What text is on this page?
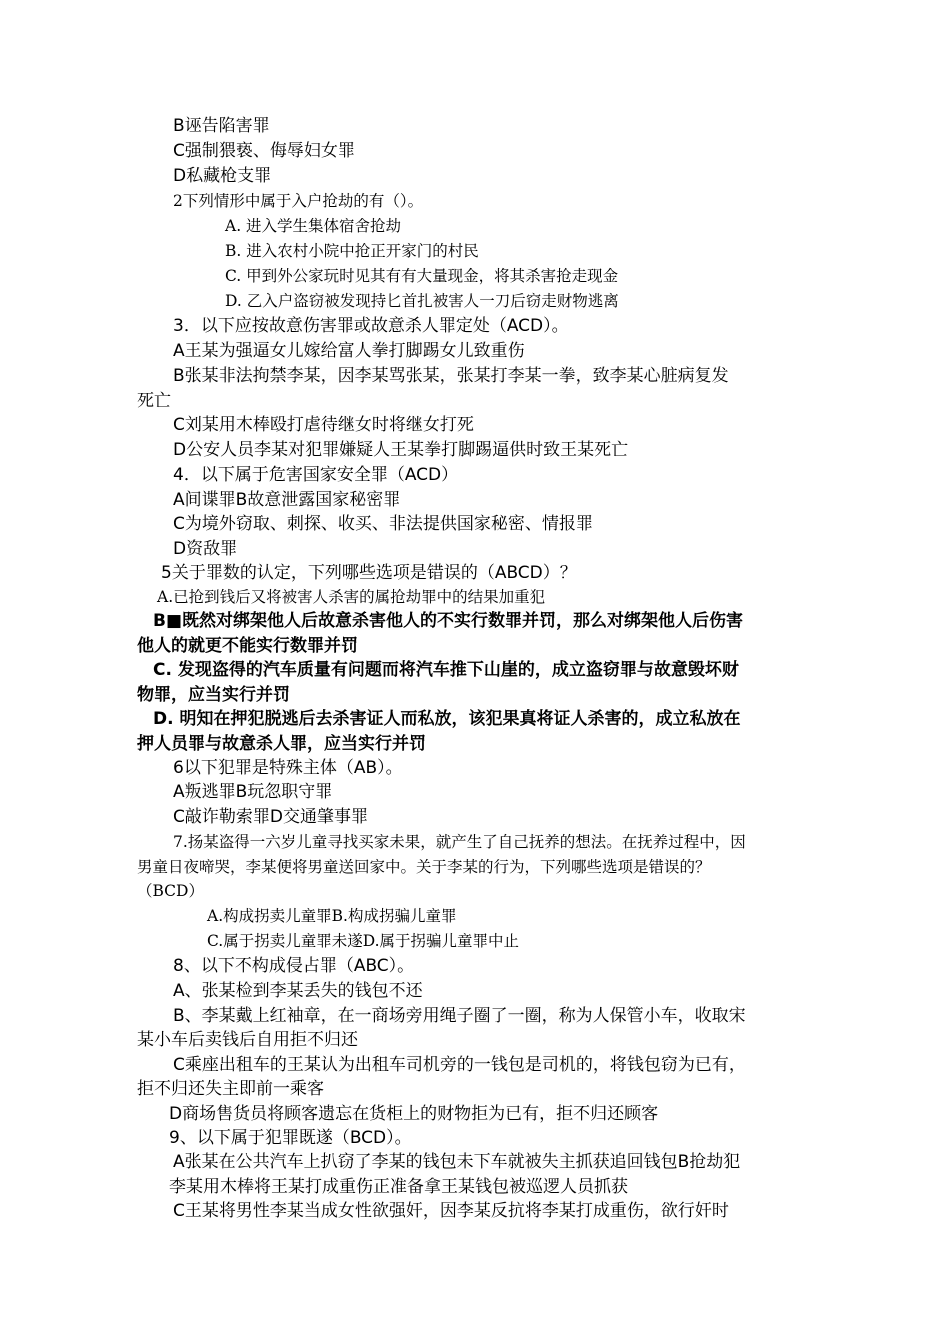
B诬告陷害罪
C强制猥亵、侮辱妇女罪
D私藏枪支罪
2下列情形中属于入户抢劫的有（）。
A. 进入学生集体宿舍抢劫
B. 进入农村小院中抢正开家门的村民
C. 甲到外公家玩时见其有有大量现金，将其杀害抢走现金
D. 乙入户盗窃被发现持匕首扎被害人一刀后窃走财物逃离
3．以下应按故意伤害罪或故意杀人罪定处（ACD）。
A王某为强逼女儿嫁给富人拳打脚踢女儿致重伤
B张某非法拘禁李某，因李某骂张某，张某打李某一拳，致李某心脏病复发
死亡
C刘某用木棒殴打虐待继女时将继女打死
D公安人员李某对犯罪嫌疑人王某拳打脚踢逼供时致王某死亡
4．以下属于危害国家安全罪（ACD）
A间谍罪B故意泄露国家秘密罪
C为境外窃取、刺探、收买、非法提供国家秘密、情报罪
D资敌罪
5关于罪数的认定，下列哪些选项是错误的（ABCD）？
A.已抢到钱后又将被害人杀害的属抢劫罪中的结果加重犯
B■既然对绑架他人后故意杀害他人的不实行数罪并罚，那么对绑架他人后伤害
他人的就更不能实行数罪并罚
C. 发现盗得的汽车质量有问题而将汽车推下山崖的，成立盗窃罪与故意毁坏财
物罪，应当实行并罚
D. 明知在押犯脱逃后去杀害证人而私放，该犯果真将证人杀害的，成立私放在
押人员罪与故意杀人罪，应当实行并罚
6以下犯罪是特殊主体（AB）。
A叛逃罪B玩忽职守罪
C敲诈勒索罪D交通肇事罪
7.扬某盗得一六岁儿童寻找买家未果，就产生了自己抚养的想法。在抚养过程中，因
男童日夜啼哭，李某便将男童送回家中。关于李某的行为，下列哪些选项是错误的？
（BCD）
A.构成拐卖儿童罪B.构成拐骗儿童罪
C.属于拐卖儿童罪未遂D.属于拐骗儿童罪中止
8、以下不构成侵占罪（ABC）。
A、张某检到李某丢失的钱包不还
B、李某戴上红袖章，在一商场旁用绳子圈了一圈，称为人保管小车，收取宋
某小车后卖钱后自用拒不归还
C乘座出租车的王某认为出租车司机旁的一钱包是司机的，将钱包窃为已有，
拒不归还失主即前一乘客
D商场售货员将顾客遗忘在货柜上的财物拒为已有，拒不归还顾客
9、以下属于犯罪既遂（BCD）。
A张某在公共汽车上扒窃了李某的钱包未下车就被失主抓获追回钱包B抢劫犯
李某用木棒将王某打成重伤正准备拿王某钱包被巡逻人员抓获
C王某将男性李某当成女性欲强奸，因李某反抗将李某打成重伤，欲行奸时
